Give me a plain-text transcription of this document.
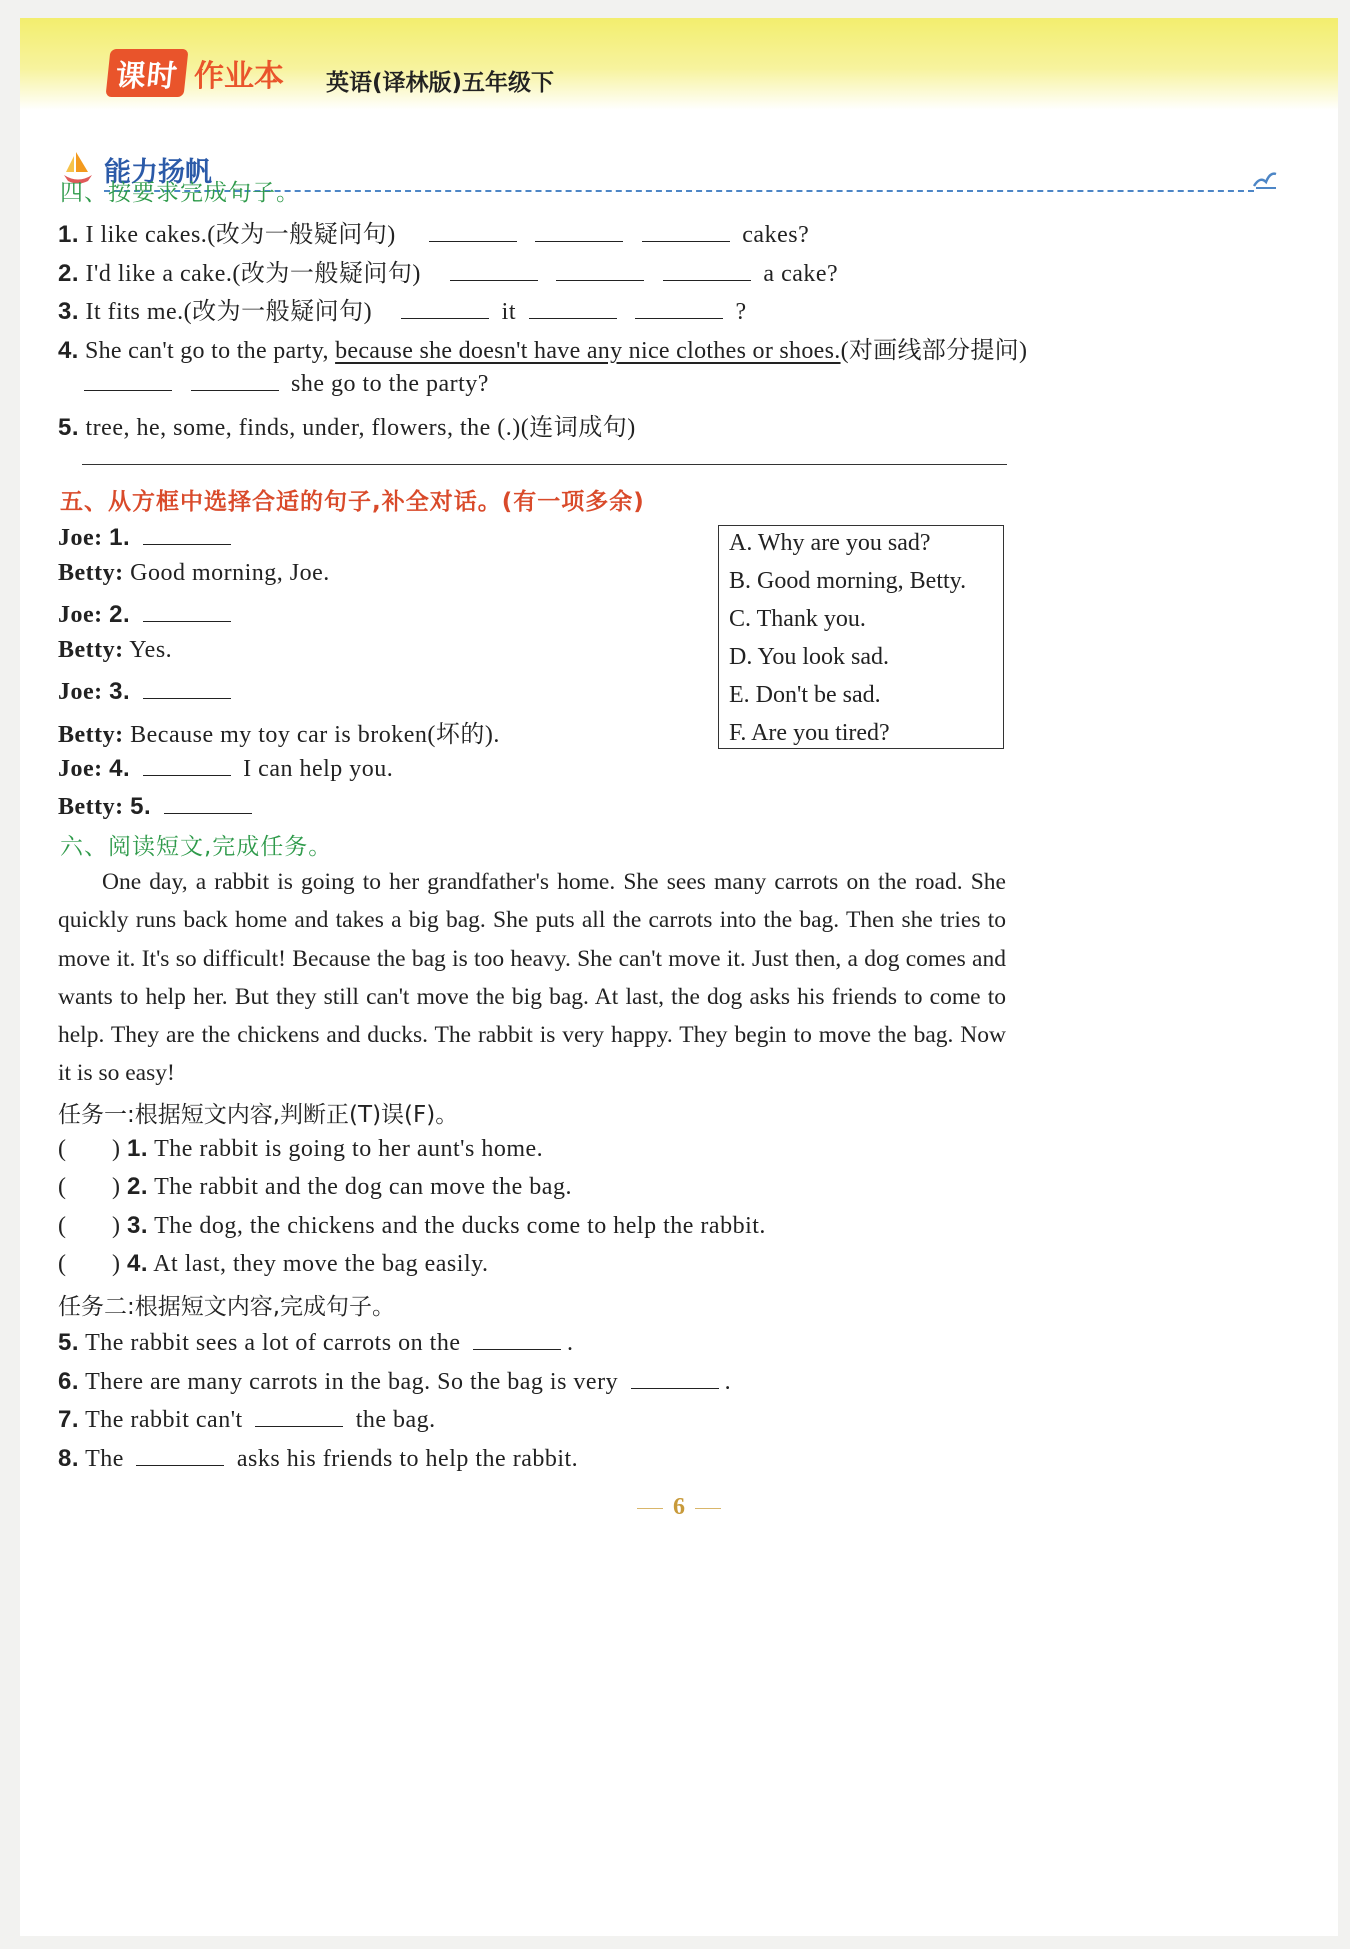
课时 作业本 英语(译林版)五年级下
能力扬帆
四、按要求完成句子。
1. I like cakes.(改为一般疑问句)	cakes?
2. I'd like a cake.(改为一般疑问句)	a cake?
3. It fits me.(改为一般疑问句)	it	?
4. She can't go to the party, because she doesn't have any nice clothes or shoes.(对画线部分提问)
she go to the party?
5. tree, he, some, finds, under, flowers, the (.)(连词成句)
五、从方框中选择合适的句子,补全对话。(有一项多余)
Joe: 1.
Betty: Good morning, Joe.
Joe: 2.
Betty: Yes.
Joe: 3.
Betty: Because my toy car is broken(坏的).
Joe: 4.	I can help you.
Betty: 5.
A. Why are you sad?
B. Good morning, Betty.
C. Thank you.
D. You look sad.
E. Don't be sad.
F. Are you tired?
六、阅读短文,完成任务。
One day, a rabbit is going to her grandfather's home. She sees many carrots on the road. She quickly runs back home and takes a big bag. She puts all the carrots into the bag. Then she tries to move it. It's so difficult! Because the bag is too heavy. She can't move it. Just then, a dog comes and wants to help her. But they still can't move the big bag. At last, the dog asks his friends to come to help. They are the chickens and ducks. The rabbit is very happy. They begin to move the bag. Now it is so easy!
任务一:根据短文内容,判断正(T)误(F)。
(       ) 1. The rabbit is going to her aunt's home.
(       ) 2. The rabbit and the dog can move the bag.
(       ) 3. The dog, the chickens and the ducks come to help the rabbit.
(       ) 4. At last, they move the bag easily.
任务二:根据短文内容,完成句子。
5. The rabbit sees a lot of carrots on the	.
6. There are many carrots in the bag. So the bag is very	.
7. The rabbit can't	the bag.
8. The	asks his friends to help the rabbit.
6
